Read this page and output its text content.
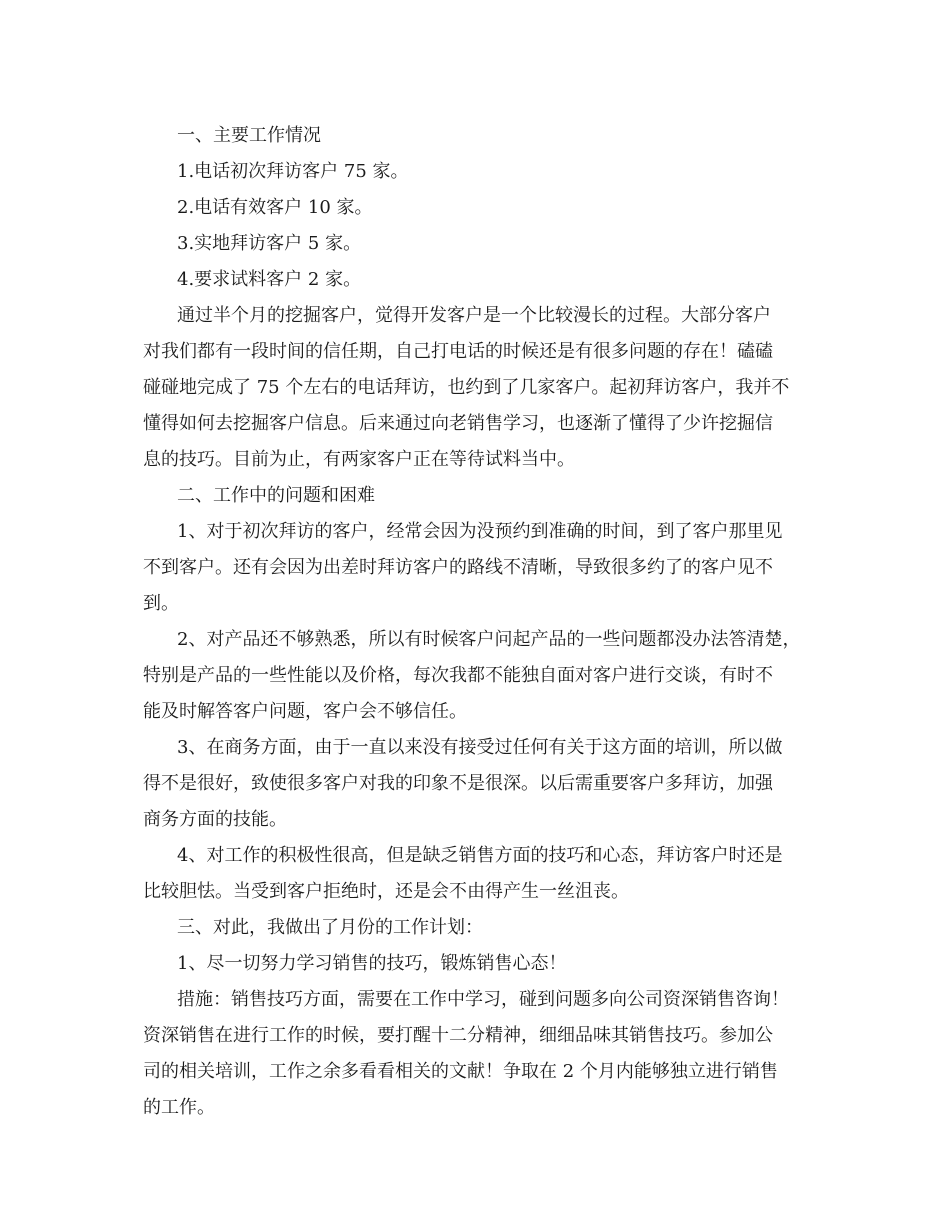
一、主要工作情况
1.电话初次拜访客户 75 家。
2.电话有效客户 10 家。
3.实地拜访客户 5 家。
4.要求试料客户 2 家。
通过半个月的挖掘客户，觉得开发客户是一个比较漫长的过程。大部分客户
对我们都有一段时间的信任期，自己打电话的时候还是有很多问题的存在！磕磕
碰碰地完成了 75 个左右的电话拜访，也约到了几家客户。起初拜访客户，我并不
懂得如何去挖掘客户信息。后来通过向老销售学习，也逐渐了懂得了少许挖掘信
息的技巧。目前为止，有两家客户正在等待试料当中。
二、工作中的问题和困难
1、对于初次拜访的客户，经常会因为没预约到准确的时间，到了客户那里见
不到客户。还有会因为出差时拜访客户的路线不清晰，导致很多约了的客户见不
到。
2、对产品还不够熟悉，所以有时候客户问起产品的一些问题都没办法答清楚，
特别是产品的一些性能以及价格，每次我都不能独自面对客户进行交谈，有时不
能及时解答客户问题，客户会不够信任。
3、在商务方面，由于一直以来没有接受过任何有关于这方面的培训，所以做
得不是很好，致使很多客户对我的印象不是很深。以后需重要客户多拜访，加强
商务方面的技能。
4、对工作的积极性很高，但是缺乏销售方面的技巧和心态，拜访客户时还是
比较胆怯。当受到客户拒绝时，还是会不由得产生一丝沮丧。
三、对此，我做出了月份的工作计划：
1、尽一切努力学习销售的技巧，锻炼销售心态！
措施：销售技巧方面，需要在工作中学习，碰到问题多向公司资深销售咨询！
资深销售在进行工作的时候，要打醒十二分精神，细细品味其销售技巧。参加公
司的相关培训，工作之余多看看相关的文献！争取在 2 个月内能够独立进行销售
的工作。
